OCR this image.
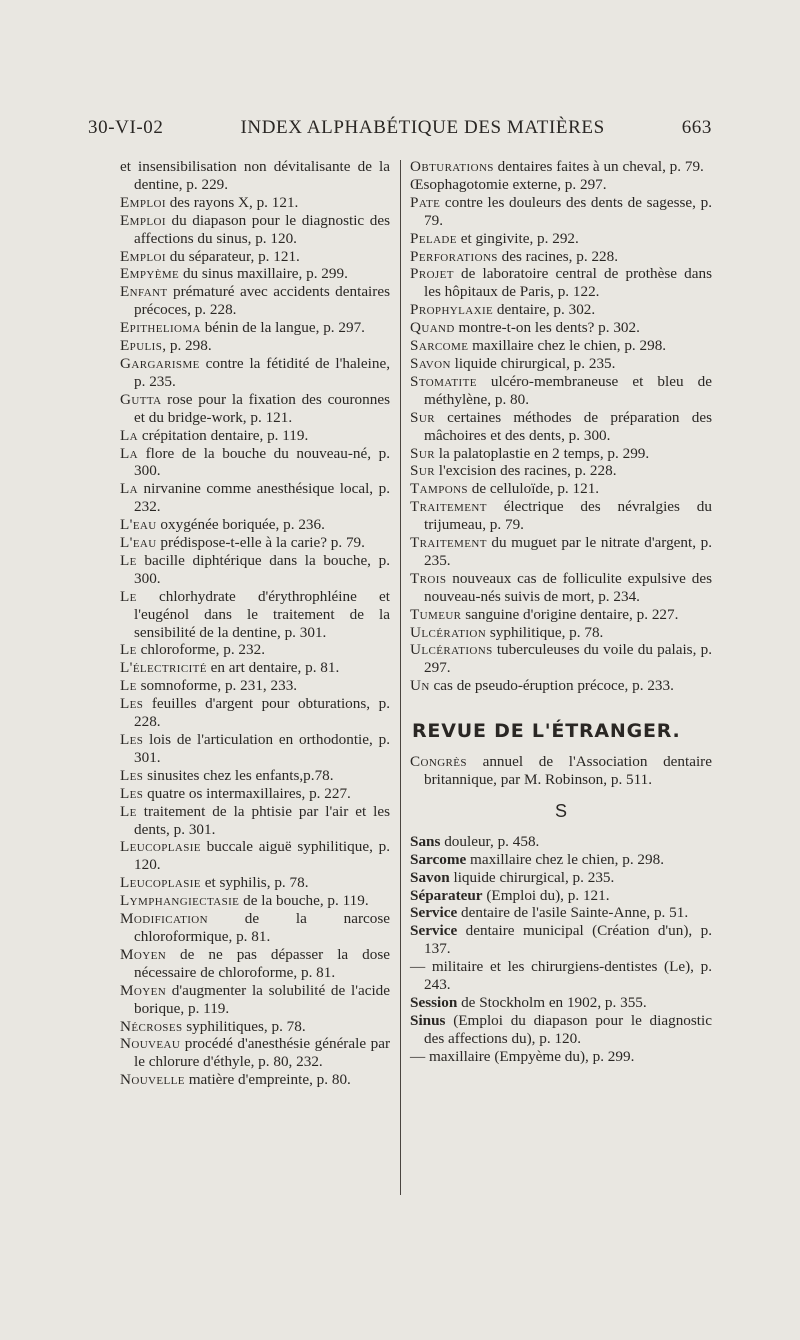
30-VI-02	INDEX ALPHABÉTIQUE DES MATIÈRES	663
et insensibilisation non dévitalisante de la dentine, p. 229.
Emploi des rayons X, p. 121.
Emploi du diapason pour le diagnostic des affections du sinus, p. 120.
Emploi du séparateur, p. 121.
Empyème du sinus maxillaire, p. 299.
Enfant prématuré avec accidents dentaires précoces, p. 228.
Epithelioma bénin de la langue, p. 297.
Epulis, p. 298.
Gargarisme contre la fétidité de l'haleine, p. 235.
Gutta rose pour la fixation des couronnes et du bridge-work, p. 121.
La crépitation dentaire, p. 119.
La flore de la bouche du nouveau-né, p. 300.
La nirvanine comme anesthésique local, p. 232.
L'eau oxygénée boriquée, p. 236.
L'eau prédispose-t-elle à la carie? p. 79.
Le bacille diphtérique dans la bouche, p. 300.
Le chlorhydrate d'érythrophléine et l'eugénol dans le traitement de la sensibilité de la dentine, p. 301.
Le chloroforme, p. 232.
L'électricité en art dentaire, p. 81.
Le somnoforme, p. 231, 233.
Les feuilles d'argent pour obturations, p. 228.
Les lois de l'articulation en orthodontie, p. 301.
Les sinusites chez les enfants,p.78.
Les quatre os intermaxillaires, p. 227.
Le traitement de la phtisie par l'air et les dents, p. 301.
Leucoplasie buccale aiguë syphilitique, p. 120.
Leucoplasie et syphilis, p. 78.
Lymphangiectasie de la bouche, p. 119.
Modification de la narcose chloroformique, p. 81.
Moyen de ne pas dépasser la dose nécessaire de chloroforme, p. 81.
Moyen d'augmenter la solubilité de l'acide borique, p. 119.
Nécroses syphilitiques, p. 78.
Nouveau procédé d'anesthésie générale par le chlorure d'éthyle, p. 80, 232.
Nouvelle matière d'empreinte, p. 80.
Obturations dentaires faites à un cheval, p. 79.
Œsophagotomie externe, p. 297.
Pate contre les douleurs des dents de sagesse, p. 79.
Pelade et gingivite, p. 292.
Perforations des racines, p. 228.
Projet de laboratoire central de prothèse dans les hôpitaux de Paris, p. 122.
Prophylaxie dentaire, p. 302.
Quand montre-t-on les dents? p. 302.
Sarcome maxillaire chez le chien, p. 298.
Savon liquide chirurgical, p. 235.
Stomatite ulcéro-membraneuse et bleu de méthylène, p. 80.
Sur certaines méthodes de préparation des mâchoires et des dents, p. 300.
Sur la palatoplastie en 2 temps, p. 299.
Sur l'excision des racines, p. 228.
Tampons de celluloïde, p. 121.
Traitement électrique des névralgies du trijumeau, p. 79.
Traitement du muguet par le nitrate d'argent, p. 235.
Trois nouveaux cas de folliculite expulsive des nouveau-nés suivis de mort, p. 234.
Tumeur sanguine d'origine dentaire, p. 227.
Ulcération syphilitique, p. 78.
Ulcérations tuberculeuses du voile du palais, p. 297.
Un cas de pseudo-éruption précoce, p. 233.
REVUE DE L'ÉTRANGER.
Congrès annuel de l'Association dentaire britannique, par M. Robinson, p. 511.
S
Sans douleur, p. 458.
Sarcome maxillaire chez le chien, p. 298.
Savon liquide chirurgical, p. 235.
Séparateur (Emploi du), p. 121.
Service dentaire de l'asile Sainte-Anne, p. 51.
Service dentaire municipal (Création d'un), p. 137.
— militaire et les chirurgiens-dentistes (Le), p. 243.
Session de Stockholm en 1902, p. 355.
Sinus (Emploi du diapason pour le diagnostic des affections du), p. 120.
— maxillaire (Empyème du), p. 299.
